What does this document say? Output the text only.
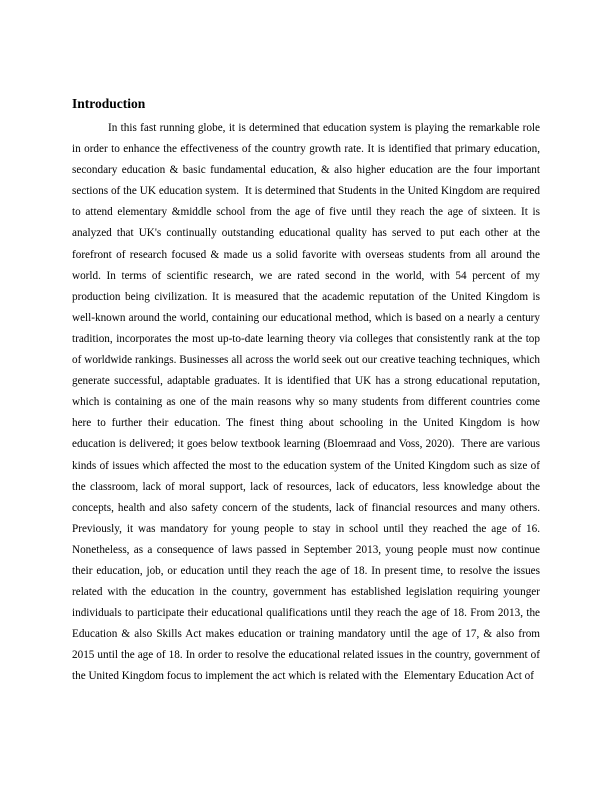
Introduction

In this fast running globe, it is determined that education system is playing the remarkable role in order to enhance the effectiveness of the country growth rate. It is identified that primary education, secondary education & basic fundamental education, & also higher education are the four important sections of the UK education system.  It is determined that Students in the United Kingdom are required to attend elementary &middle school from the age of five until they reach the age of sixteen. It is analyzed that UK's continually outstanding educational quality has served to put each other at the forefront of research focused & made us a solid favorite with overseas students from all around the world. In terms of scientific research, we are rated second in the world, with 54 percent of my production being civilization. It is measured that the academic reputation of the United Kingdom is well-known around the world, containing our educational method, which is based on a nearly a century tradition, incorporates the most up-to-date learning theory via colleges that consistently rank at the top of worldwide rankings. Businesses all across the world seek out our creative teaching techniques, which generate successful, adaptable graduates. It is identified that UK has a strong educational reputation, which is containing as one of the main reasons why so many students from different countries come here to further their education. The finest thing about schooling in the United Kingdom is how education is delivered; it goes below textbook learning (Bloemraad and Voss, 2020).  There are various kinds of issues which affected the most to the education system of the United Kingdom such as size of the classroom, lack of moral support, lack of resources, lack of educators, less knowledge about the concepts, health and also safety concern of the students, lack of financial resources and many others.  Previously, it was mandatory for young people to stay in school until they reached the age of 16. Nonetheless, as a consequence of laws passed in September 2013, young people must now continue their education, job, or education until they reach the age of 18. In present time, to resolve the issues related with the education in the country, government has established legislation requiring younger individuals to participate their educational qualifications until they reach the age of 18. From 2013, the Education & also Skills Act makes education or training mandatory until the age of 17, & also from 2015 until the age of 18. In order to resolve the educational related issues in the country, government of the United Kingdom focus to implement the act which is related with the  Elementary Education Act of
